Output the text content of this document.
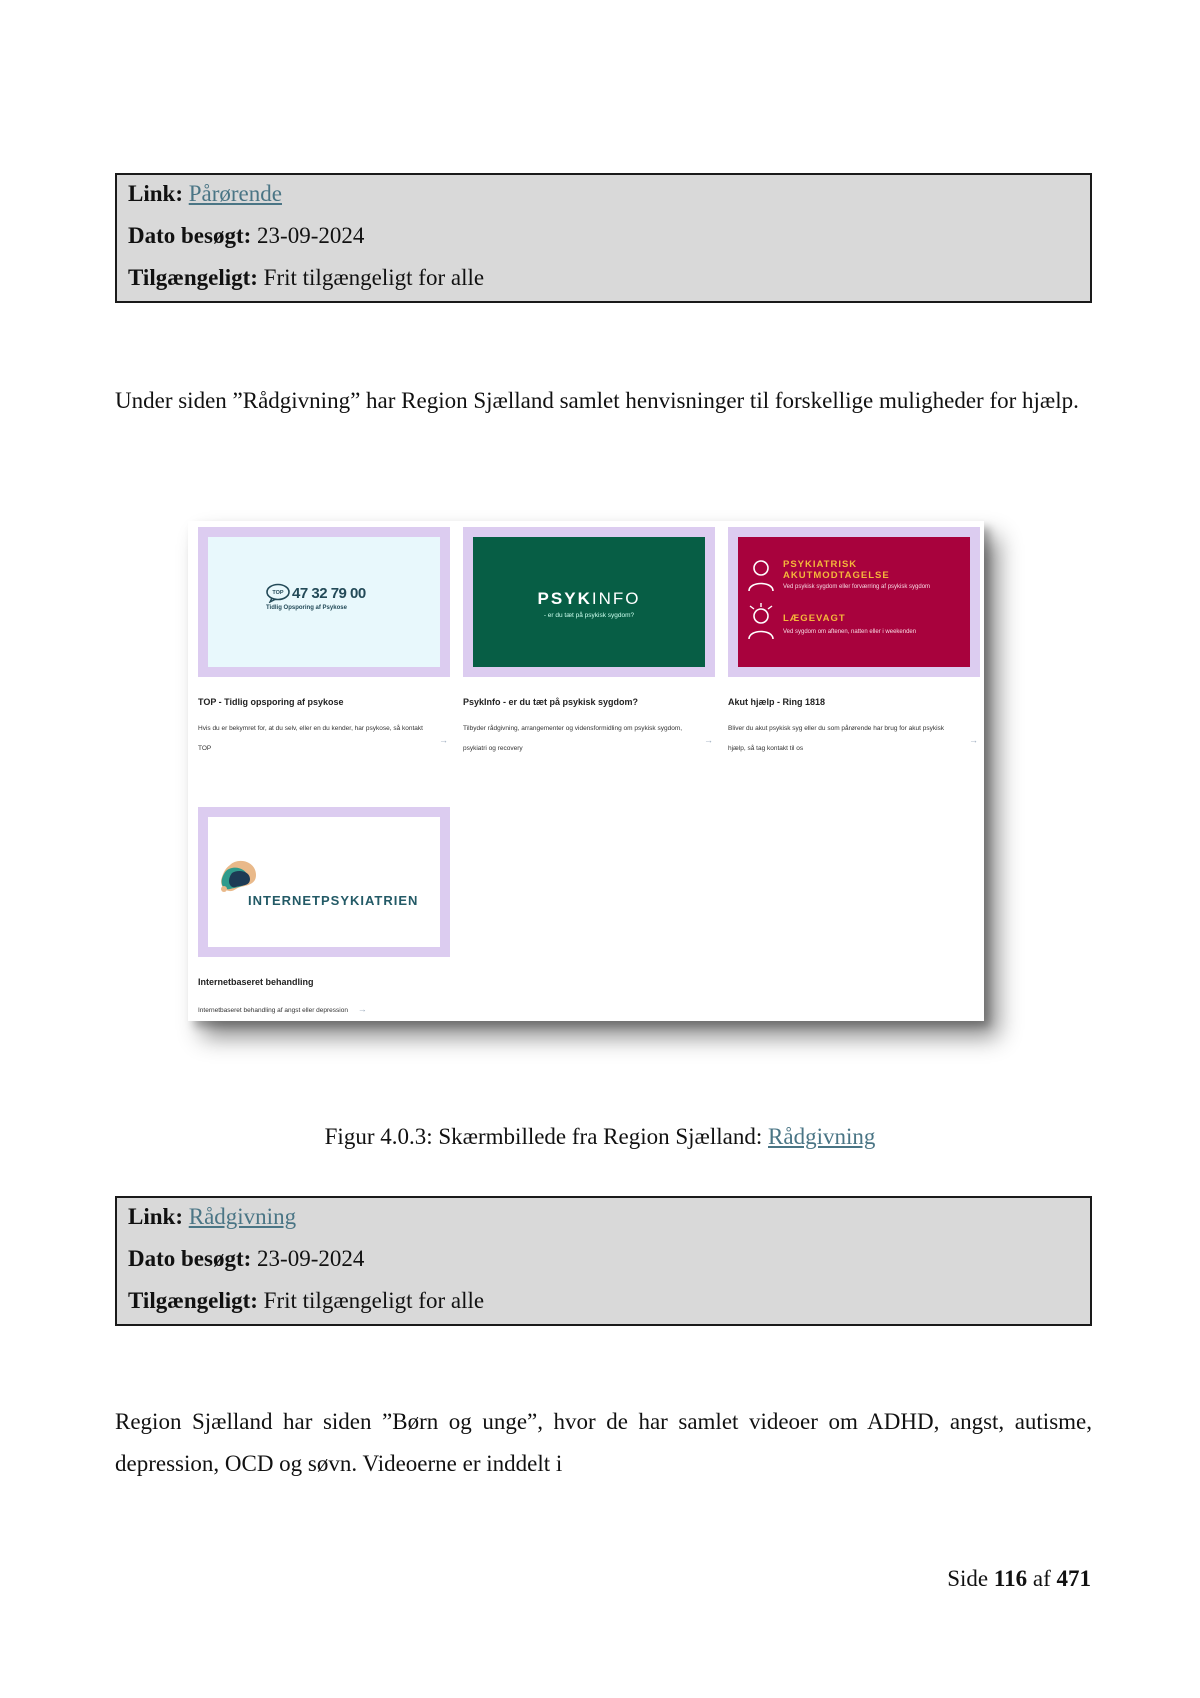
Link: Pårørende
Dato besøgt: 23-09-2024
Tilgængeligt: Frit tilgængeligt for alle

Under siden ”Rådgivning” har Region Sjælland samlet henvisninger til forskellige muligheder for hjælp.

TOP 47 32 79 00
Tidlig Opsporing af Psykose
TOP - Tidlig opsporing af psykose
Hvis du er bekymret for, at du selv, eller en du kender, har psykose, så kontakt TOP
→
PSYKINFO
- er du tæt på psykisk sygdom?
PsykInfo - er du tæt på psykisk sygdom?
Tilbyder rådgivning, arrangementer og vidensformidling om psykisk sygdom, psykiatri og recovery
→
PSYKIATRISK AKUTMODTAGELSE
Ved psykisk sygdom eller forværring af psykisk sygdom
LÆGEVAGT
Ved sygdom om aftenen, natten eller i weekenden
Akut hjælp - Ring 1818
Bliver du akut psykisk syg eller du som pårørende har brug for akut psykisk hjælp, så tag kontakt til os
→
INTERNETPSYKIATRIEN
Internetbaseret behandling
Internetbaseret behandling af angst eller depression →
Figur 4.0.3: Skærmbillede fra Region Sjælland: Rådgivning
Link: Rådgivning
Dato besøgt: 23-09-2024
Tilgængeligt: Frit tilgængeligt for alle

Region Sjælland har siden ”Børn og unge”, hvor de har samlet videoer om ADHD, angst, autisme, depression, OCD og søvn. Videoerne er inddelt i

Side 116 af 471
